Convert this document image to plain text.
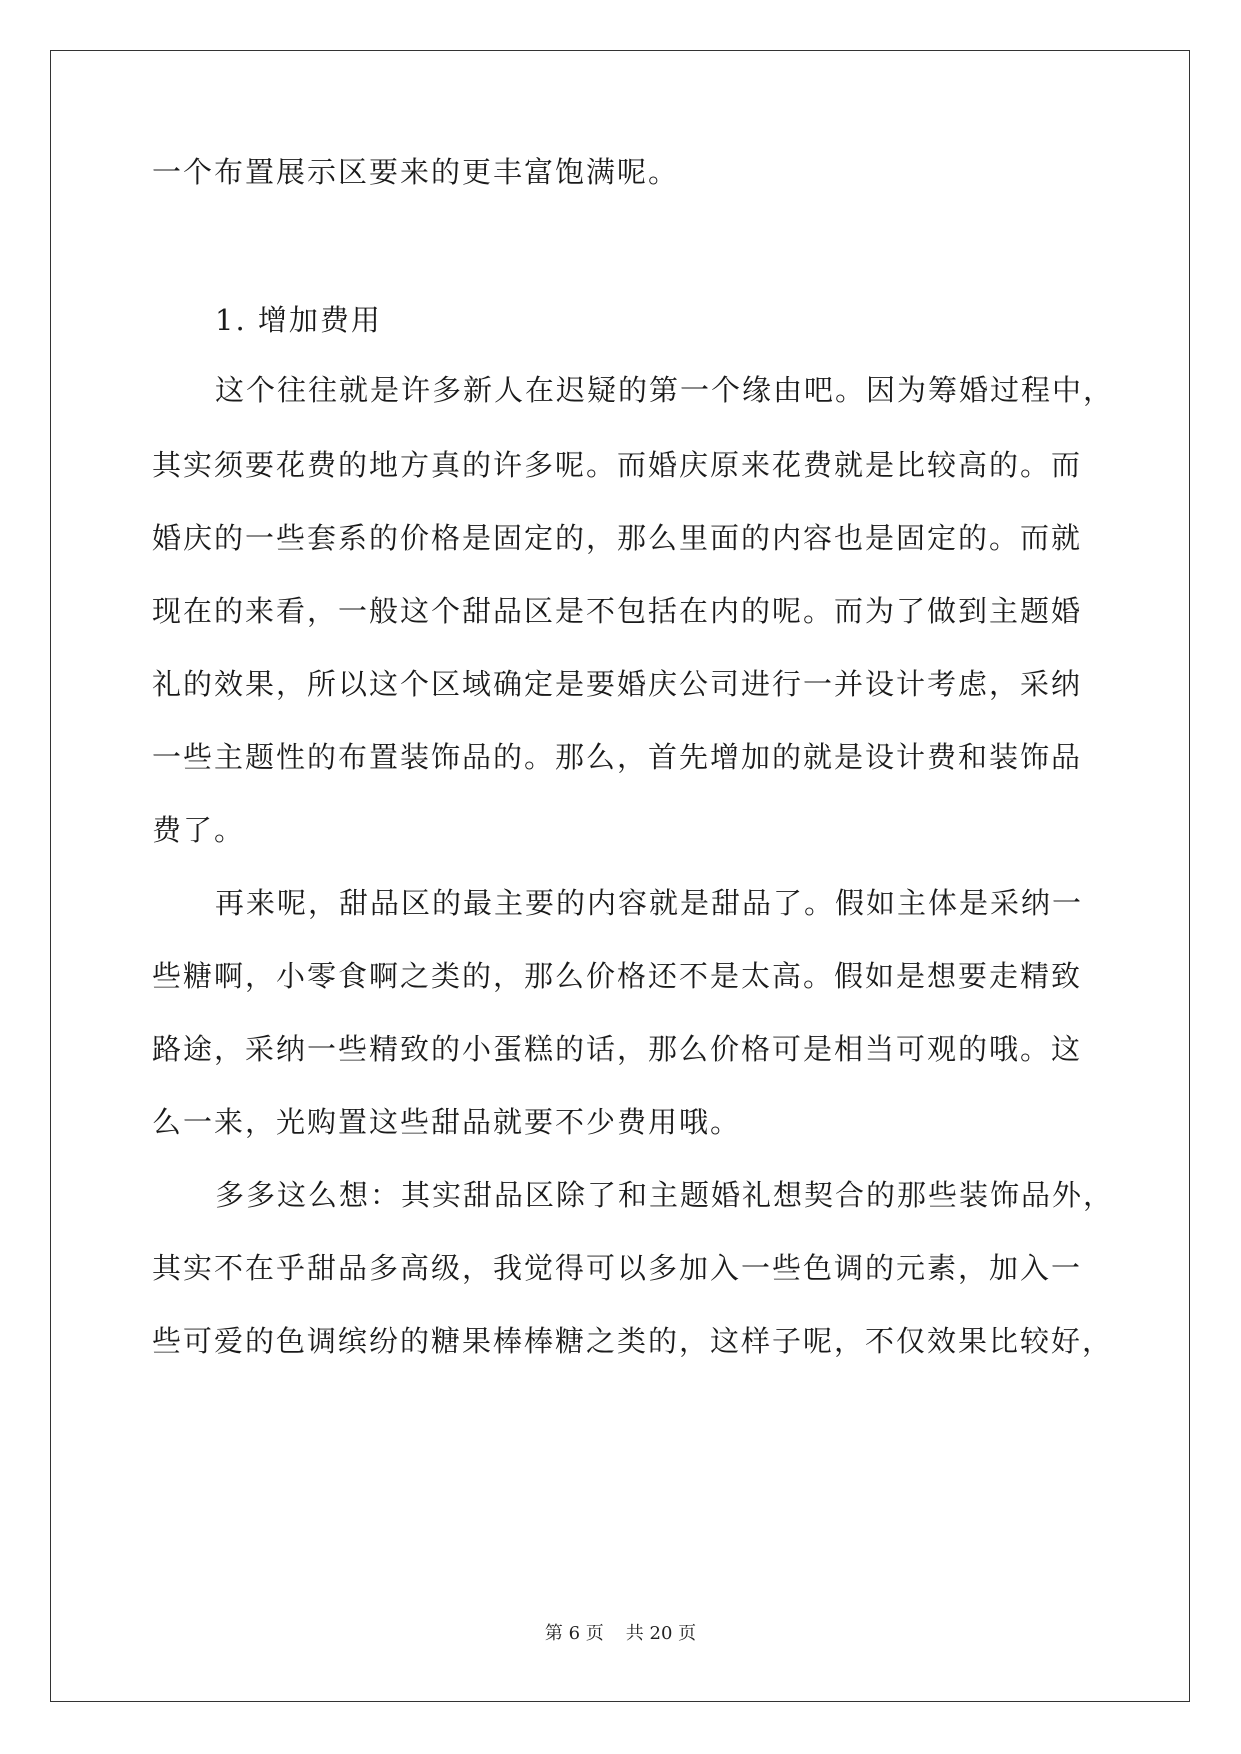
一个布置展示区要来的更丰富饱满呢。
1. 增加费用
这个往往就是许多新人在迟疑的第一个缘由吧。因为筹婚过程中，
其实须要花费的地方真的许多呢。而婚庆原来花费就是比较高的。而
婚庆的一些套系的价格是固定的，那么里面的内容也是固定的。而就
现在的来看，一般这个甜品区是不包括在内的呢。而为了做到主题婚
礼的效果，所以这个区域确定是要婚庆公司进行一并设计考虑，采纳
一些主题性的布置装饰品的。那么，首先增加的就是设计费和装饰品
费了。
再来呢，甜品区的最主要的内容就是甜品了。假如主体是采纳一
些糖啊，小零食啊之类的，那么价格还不是太高。假如是想要走精致
路途，采纳一些精致的小蛋糕的话，那么价格可是相当可观的哦。这
么一来，光购置这些甜品就要不少费用哦。
多多这么想：其实甜品区除了和主题婚礼想契合的那些装饰品外，
其实不在乎甜品多高级，我觉得可以多加入一些色调的元素，加入一
些可爱的色调缤纷的糖果棒棒糖之类的，这样子呢，不仅效果比较好，
第 6 页 共 20 页
